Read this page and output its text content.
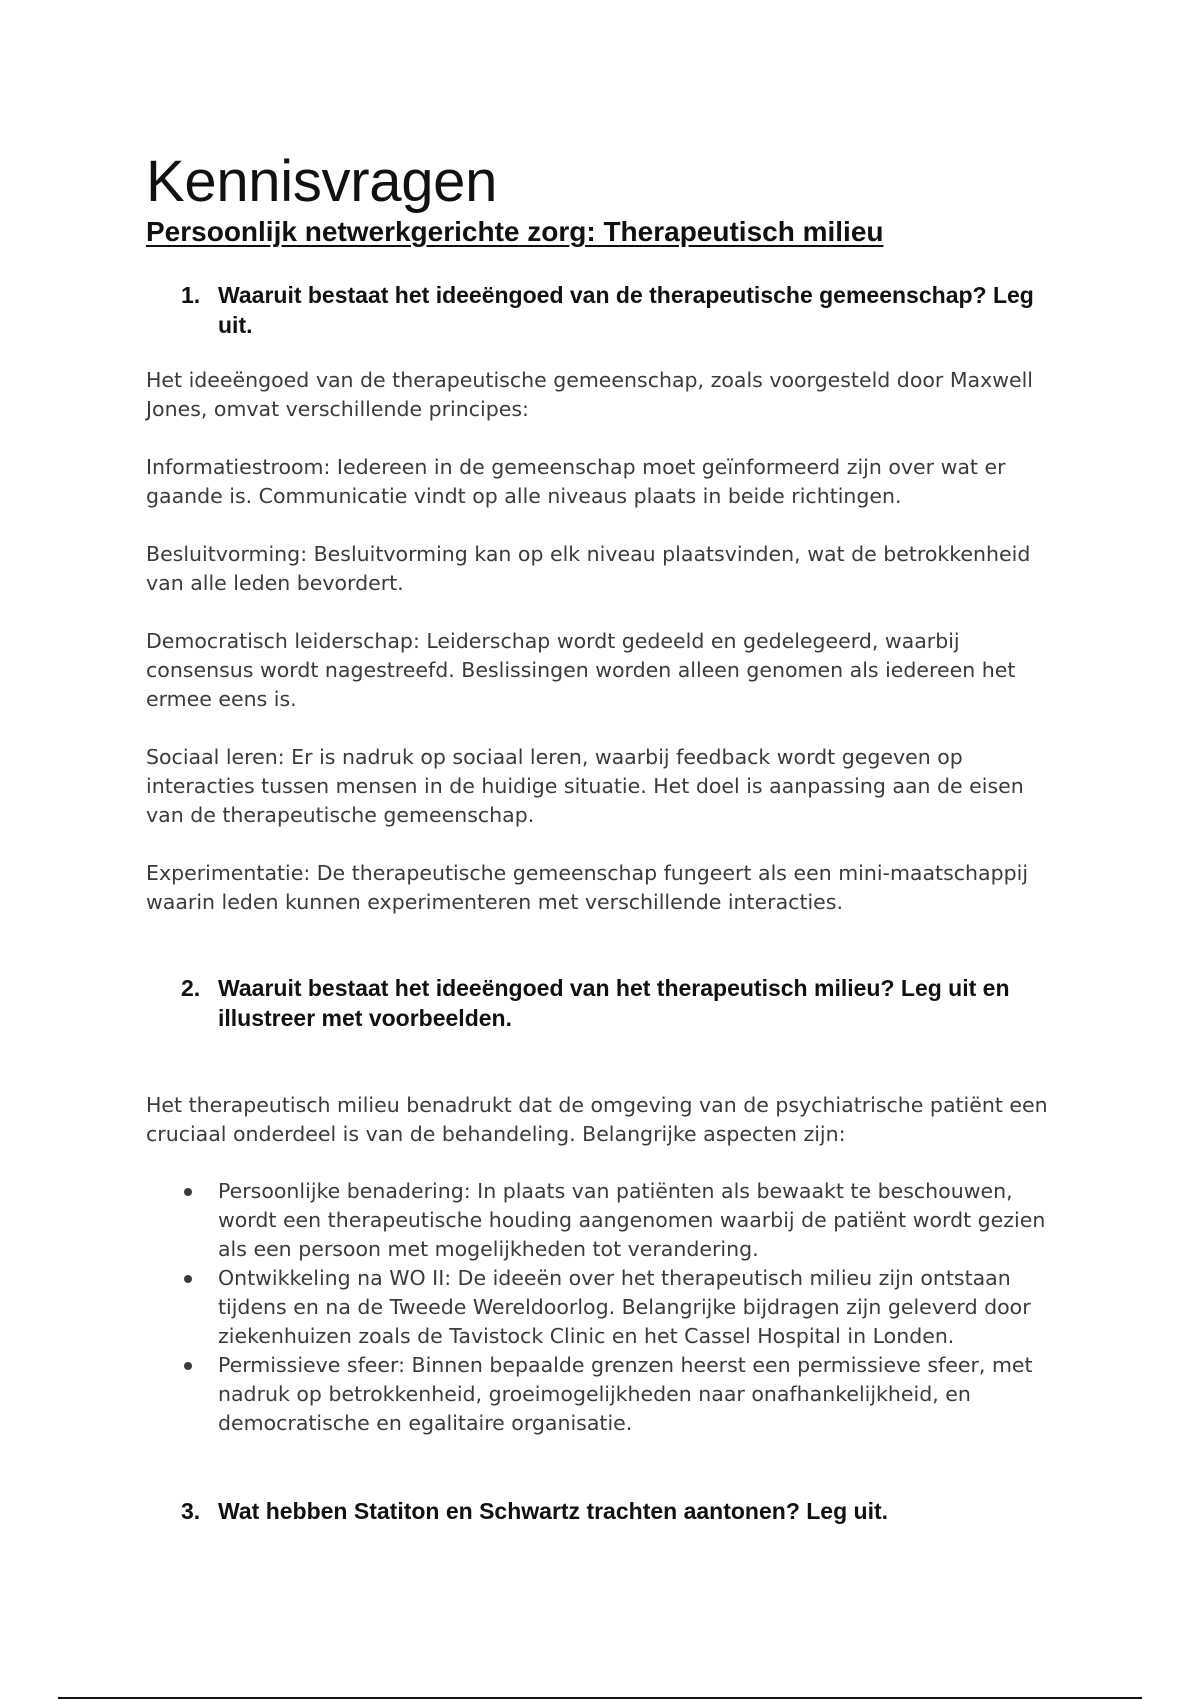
Kennisvragen
Persoonlijk netwerkgerichte zorg: Therapeutisch milieu
1. Waaruit bestaat het ideeëngoed van de therapeutische gemeenschap? Leg uit.

Het ideeëngoed van de therapeutische gemeenschap, zoals voorgesteld door Maxwell Jones, omvat verschillende principes:

Informatiestroom: Iedereen in de gemeenschap moet geïnformeerd zijn over wat er gaande is. Communicatie vindt op alle niveaus plaats in beide richtingen.

Besluitvorming: Besluitvorming kan op elk niveau plaatsvinden, wat de betrokkenheid van alle leden bevordert.

Democratisch leiderschap: Leiderschap wordt gedeeld en gedelegeerd, waarbij consensus wordt nagestreefd. Beslissingen worden alleen genomen als iedereen het ermee eens is.

Sociaal leren: Er is nadruk op sociaal leren, waarbij feedback wordt gegeven op interacties tussen mensen in de huidige situatie. Het doel is aanpassing aan de eisen van de therapeutische gemeenschap.

Experimentatie: De therapeutische gemeenschap fungeert als een mini-maatschappij waarin leden kunnen experimenteren met verschillende interacties.

2. Waaruit bestaat het ideeëngoed van het therapeutisch milieu? Leg uit en illustreer met voorbeelden.

Het therapeutisch milieu benadrukt dat de omgeving van de psychiatrische patiënt een cruciaal onderdeel is van de behandeling. Belangrijke aspecten zijn:

Persoonlijke benadering: In plaats van patiënten als bewaakt te beschouwen, wordt een therapeutische houding aangenomen waarbij de patiënt wordt gezien als een persoon met mogelijkheden tot verandering.
Ontwikkeling na WO II: De ideeën over het therapeutisch milieu zijn ontstaan tijdens en na de Tweede Wereldoorlog. Belangrijke bijdragen zijn geleverd door ziekenhuizen zoals de Tavistock Clinic en het Cassel Hospital in Londen.
Permissieve sfeer: Binnen bepaalde grenzen heerst een permissieve sfeer, met nadruk op betrokkenheid, groeimogelijkheden naar onafhankelijkheid, en democratische en egalitaire organisatie.
3. Wat hebben Statiton en Schwartz trachten aantonen? Leg uit.
